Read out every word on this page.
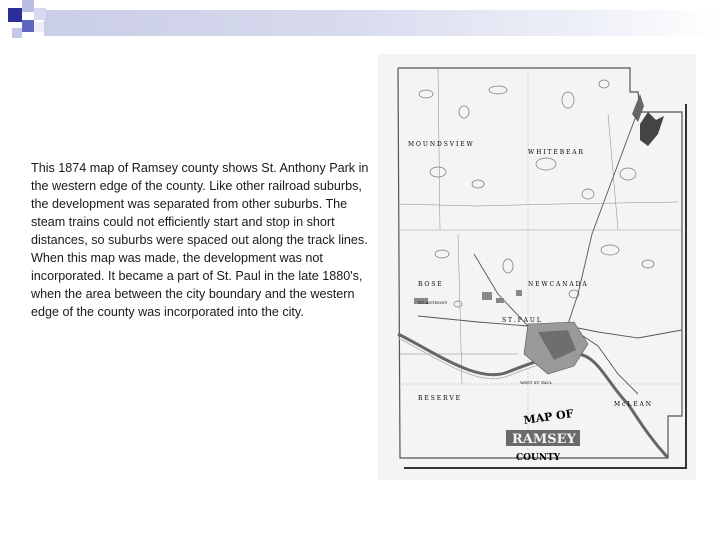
This 1874 map of Ramsey county shows St. Anthony Park in the western edge of the county. Like other railroad suburbs, the development was separated from other suburbs. The steam trains could not efficiently start and stop in short distances, so suburbs were spaced out along the track lines. When this map was made, the development was not incorporated. It became a part of St. Paul in the late 1880's, when the area between the city boundary and the western edge of the county was incorporated into the city.

M O U N D S V I E W
W H I T E B E A R
R O S E	N E W C A N A D A
ST. ANTHONY
S T . P A U L
WEST ST. PAUL
R E S E R V E
M c L E A N
MAP OF
RAMSEY
COUNTY
